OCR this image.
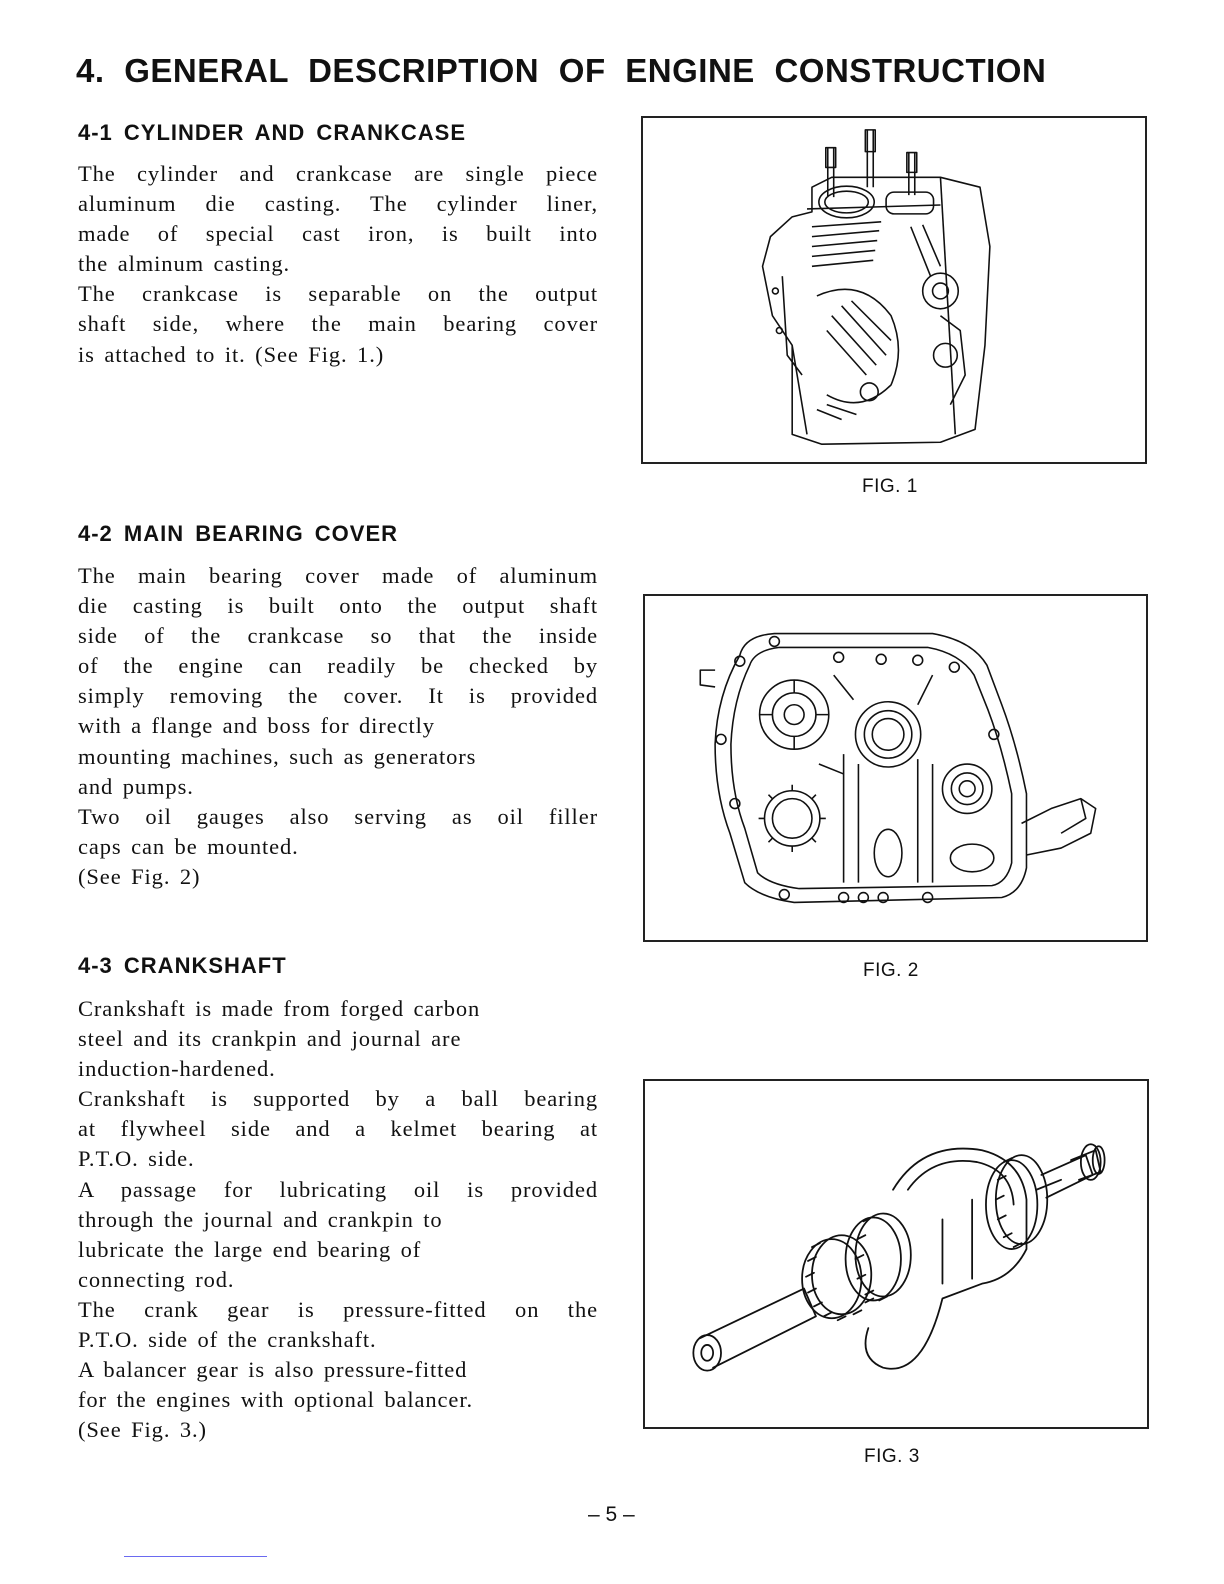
4. GENERAL DESCRIPTION OF ENGINE CONSTRUCTION
4-1 CYLINDER AND CRANKCASE
The cylinder and crankcase are single piece
aluminum die casting. The cylinder liner,
made of special cast iron, is built into
the alminum casting.
The crankcase is separable on the output
shaft side, where the main bearing cover
is attached to it. (See Fig. 1.)
4-2 MAIN BEARING COVER
The main bearing cover made of aluminum
die casting is built onto the output shaft
side of the crankcase so that the inside
of the engine can readily be checked by
simply removing the cover. It is provided
with a flange and boss for directly
mounting machines, such as generators
and pumps.
Two oil gauges also serving as oil filler
caps can be mounted.
(See Fig. 2)
4-3 CRANKSHAFT
Crankshaft is made from forged carbon
steel and its crankpin and journal are
induction-hardened.
Crankshaft is supported by a ball bearing
at flywheel side and a kelmet bearing at
P.T.O. side.
A passage for lubricating oil is provided
through the journal and crankpin to
lubricate the large end bearing of
connecting rod.
The crank gear is pressure-fitted on the
P.T.O. side of the crankshaft.
A balancer gear is also pressure-fitted
for the engines with optional balancer.
(See Fig. 3.)
FIG. 1
FIG. 2
FIG. 3
– 5 –
